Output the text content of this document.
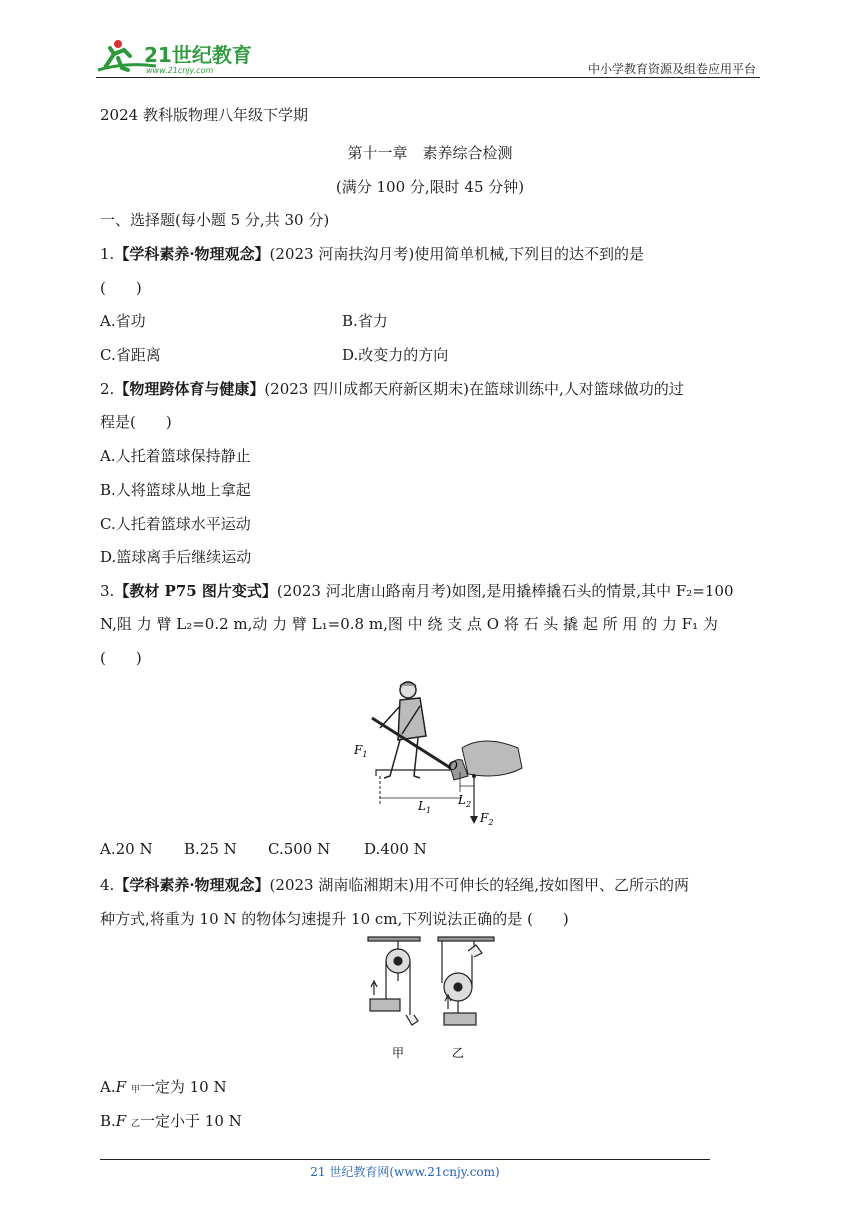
21世纪教育
www.21cnjy.com	中小学教育资源及组卷应用平台
2024 教科版物理八年级下学期
第十一章　素养综合检测
(满分 100 分,限时 45 分钟)
一、选择题(每小题 5 分,共 30 分)
1.【学科素养·物理观念】(2023 河南扶沟月考)使用简单机械,下列目的达不到的是
(　　)
A.省功	B.省力
C.省距离	D.改变力的方向
2.【物理跨体育与健康】(2023 四川成都天府新区期末)在篮球训练中,人对篮球做功的过
程是(　　)
A.人托着篮球保持静止
B.人将篮球从地上拿起
C.人托着篮球水平运动
D.篮球离手后继续运动
3.【教材 P75 图片变式】(2023 河北唐山路南月考)如图,是用撬棒撬石头的情景,其中 F₂=100
N,阻 力 臂 L₂=0.2 m,动 力 臂 L₁=0.8 m,图 中 绕 支 点 O 将 石 头 撬 起 所 用 的 力 F₁ 为
(　　)
$F_1$
O
$L_1$
$L_2$
$F_2$
A.20 N B.25 N C.500 N D.400 N
4.【学科素养·物理观念】(2023 湖南临湘期末)用不可伸长的轻绳,按如图甲、乙所示的两
种方式,将重为 10 N 的物体匀速提升 10 cm,下列说法正确的是 (　　)
甲	乙
A.F 甲一定为 10 N
B.F 乙一定小于 10 N
21 世纪教育网(www.21cnjy.com)
